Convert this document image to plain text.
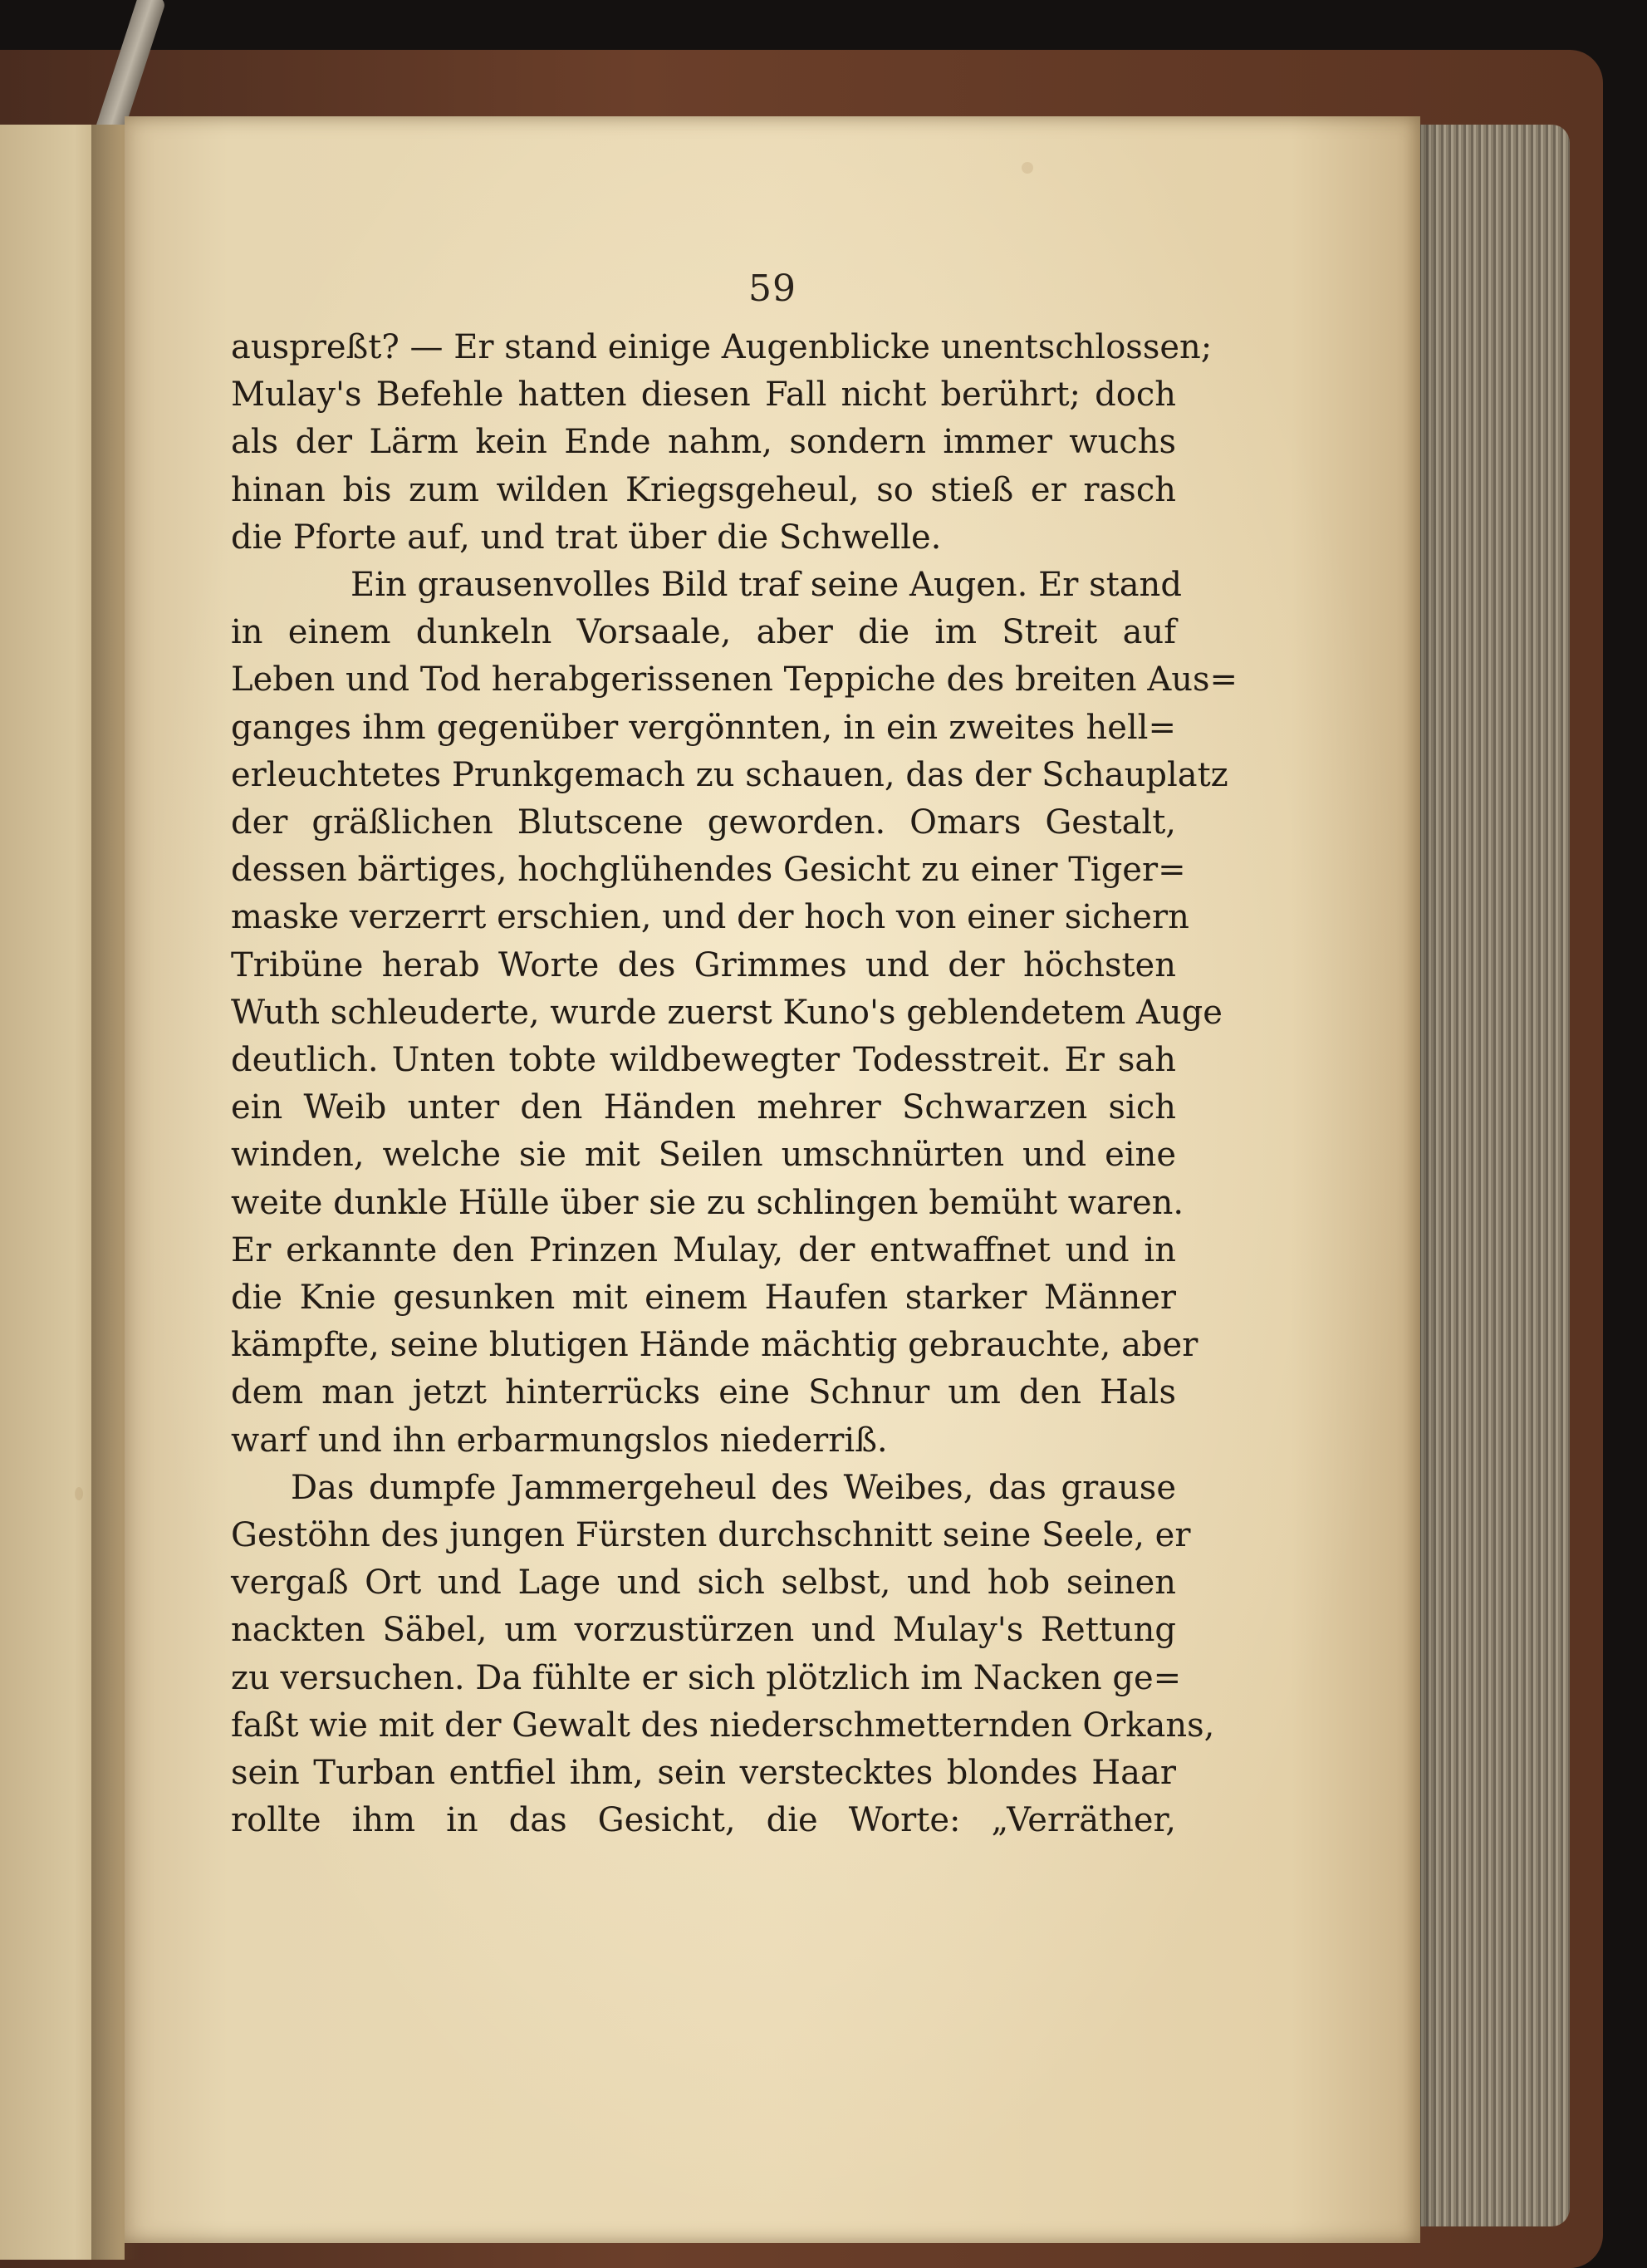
59
auspreßt? — Er stand einige Augenblicke unentschlossen;
Mulay's Befehle hatten diesen Fall nicht berührt; doch
als der Lärm kein Ende nahm, sondern immer wuchs
hinan bis zum wilden Kriegsgeheul, so stieß er rasch
die Pforte auf, und trat über die Schwelle.
Ein grausenvolles Bild traf seine Augen. Er stand
in einem dunkeln Vorsaale, aber die im Streit auf
Leben und Tod herabgerissenen Teppiche des breiten Aus=
ganges ihm gegenüber vergönnten, in ein zweites hell=
erleuchtetes Prunkgemach zu schauen, das der Schauplatz
der gräßlichen Blutscene geworden. Omars Gestalt,
dessen bärtiges, hochglühendes Gesicht zu einer Tiger=
maske verzerrt erschien, und der hoch von einer sichern
Tribüne herab Worte des Grimmes und der höchsten
Wuth schleuderte, wurde zuerst Kuno's geblendetem Auge
deutlich. Unten tobte wildbewegter Todesstreit. Er sah
ein Weib unter den Händen mehrer Schwarzen sich
winden, welche sie mit Seilen umschnürten und eine
weite dunkle Hülle über sie zu schlingen bemüht waren.
Er erkannte den Prinzen Mulay, der entwaffnet und in
die Knie gesunken mit einem Haufen starker Männer
kämpfte, seine blutigen Hände mächtig gebrauchte, aber
dem man jetzt hinterrücks eine Schnur um den Hals
warf und ihn erbarmungslos niederriß.
Das dumpfe Jammergeheul des Weibes, das grause
Gestöhn des jungen Fürsten durchschnitt seine Seele, er
vergaß Ort und Lage und sich selbst, und hob seinen
nackten Säbel, um vorzustürzen und Mulay's Rettung
zu versuchen. Da fühlte er sich plötzlich im Nacken ge=
faßt wie mit der Gewalt des niederschmetternden Orkans,
sein Turban entfiel ihm, sein verstecktes blondes Haar
rollte ihm in das Gesicht, die Worte: „Verräther,
